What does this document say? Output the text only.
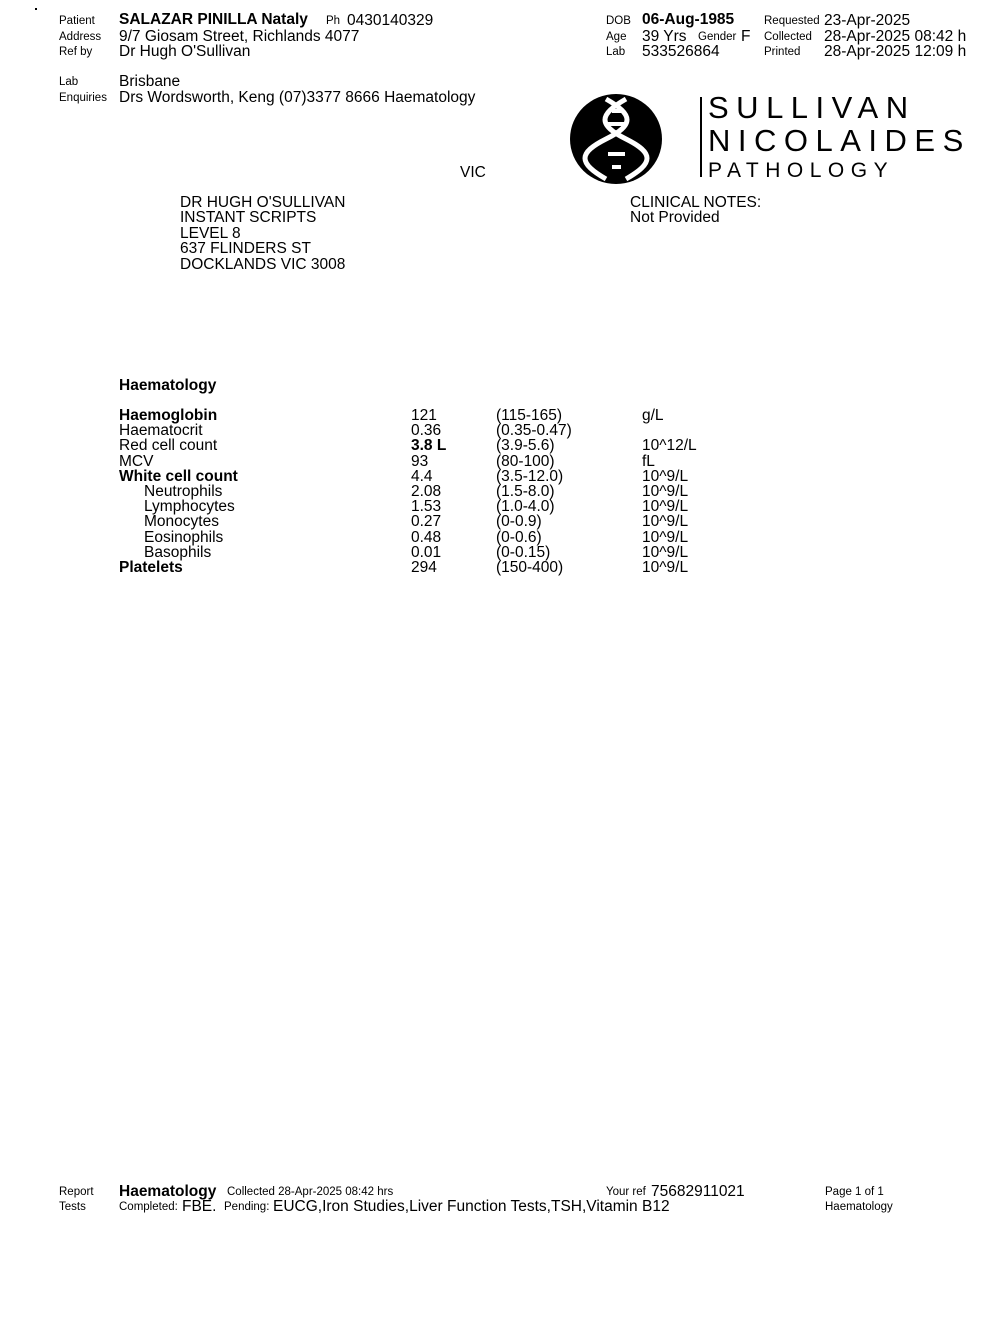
Patient SALAZAR PINILLA Nataly Ph 0430140329
Address 9/7 Giosam Street, Richlands 4077
Ref by Dr Hugh O'Sullivan
Lab	Brisbane
Enquiries Drs Wordsworth, Keng (07)3377 8666 Haematology
VIC
DOB 06-Aug-1985
Age 39 Yrs Gender F
Lab 533526864
Requested 23-Apr-2025
Collected 28-Apr-2025 08:42 h
Printed 28-Apr-2025 12:09 h
SULLIVAN
NICOLAIDES
PATHOLOGY
DR HUGH O'SULLIVAN
INSTANT SCRIPTS
LEVEL 8
637 FLINDERS ST
DOCKLANDS VIC 3008
CLINICAL NOTES:
Not Provided
Haematology
Haemoglobin	121	(115-165)	g/L
Haematocrit	0.36	(0.35-0.47)
Red cell count	3.8 L	(3.9-5.6)	10^12/L
MCV	93	(80-100)	fL
White cell count	4.4	(3.5-12.0)	10^9/L
Neutrophils	2.08	(1.5-8.0)	10^9/L
Lymphocytes	1.53	(1.0-4.0)	10^9/L
Monocytes	0.27	(0-0.9)	10^9/L
Eosinophils	0.48	(0-0.6)	10^9/L
Basophils	0.01	(0-0.15)	10^9/L
Platelets	294	(150-400)	10^9/L
Report
Tests
Haematology Collected 28-Apr-2025 08:42 hrs
Completed: FBE. Pending: EUCG,Iron Studies,Liver Function Tests,TSH,Vitamin B12
Your ref 75682911021	Page 1 of 1
Haematology
